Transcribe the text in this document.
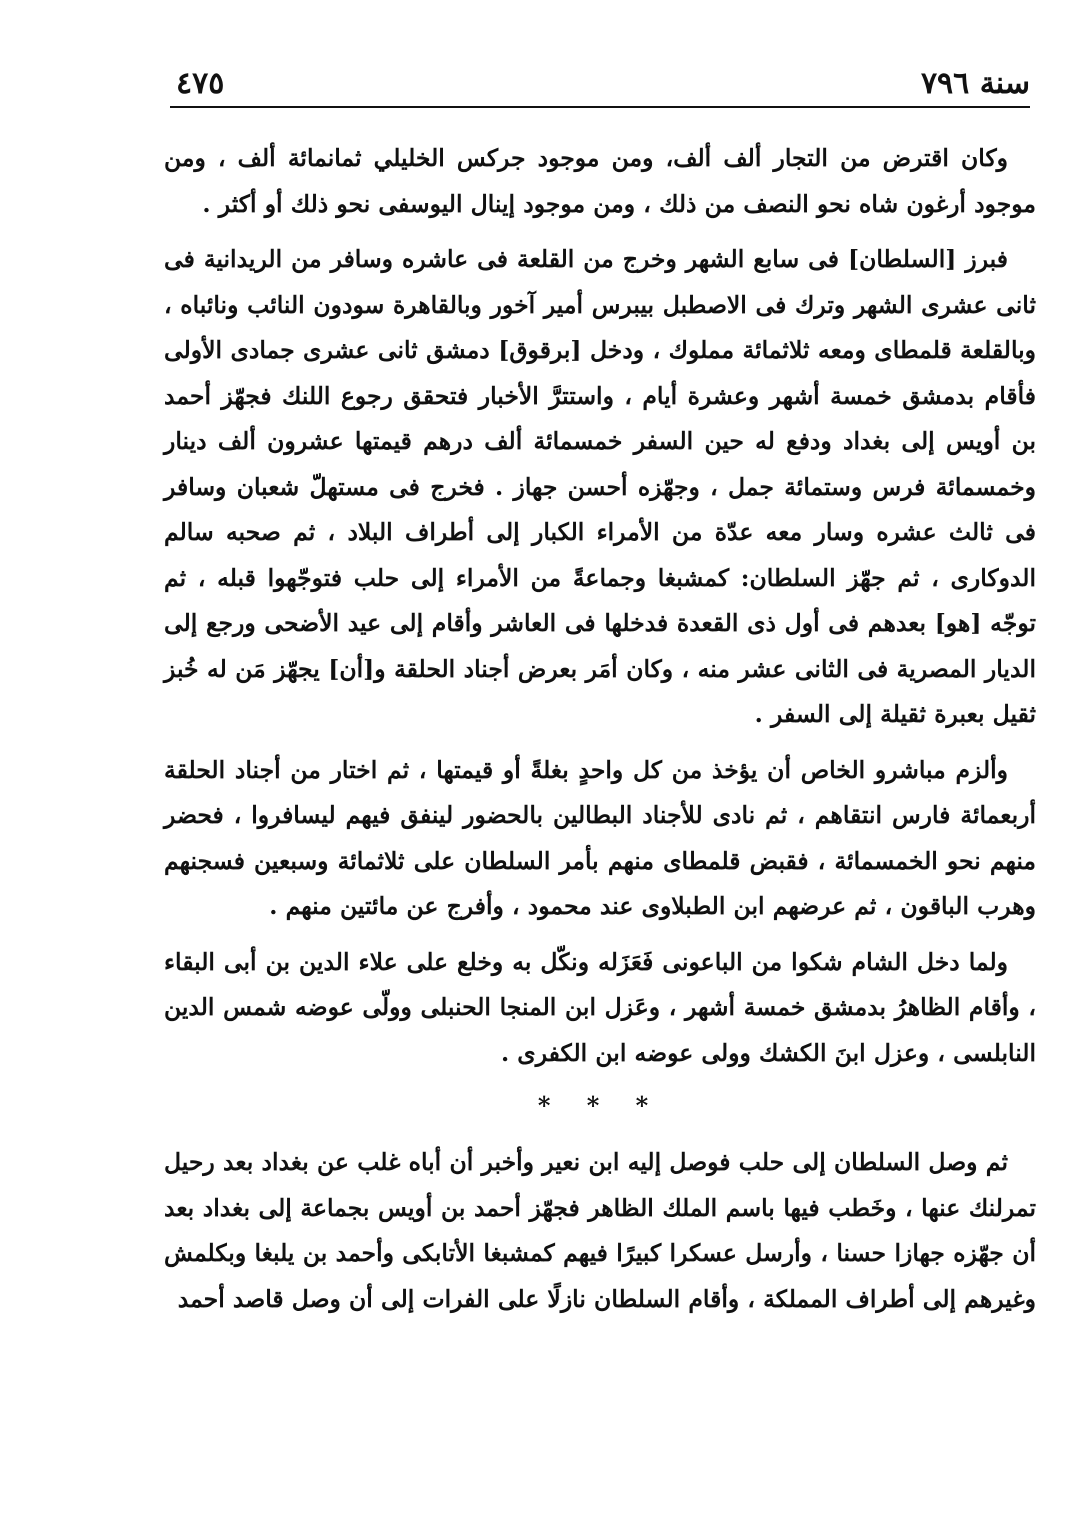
سنة ٧٩٦
٤٧٥

وكان اقترض من التجار ألف ألف، ومن موجود جركس الخليلي ثمانمائة ألف ، ومن موجود أرغون شاه نحو النصف من ذلك ، ومن موجود إينال اليوسفى نحو ذلك أو أكثر .

فبرز [السلطان] فى سابع الشهر وخرج من القلعة فى عاشره وسافر من الريدانية فى ثانى عشرى الشهر وترك فى الاصطبل بيبرس أمير آخور وبالقاهرة سودون النائب ونائباه ، وبالقلعة قلمطاى ومعه ثلاثمائة مملوك ، ودخل [برقوق] دمشق ثانى عشرى جمادى الأولى فأقام بدمشق خمسة أشهر وعشرة أيام ، واستترَّ الأخبار فتحقق رجوع اللنك فجهّز أحمد بن أويس إلى بغداد ودفع له حين السفر خمسمائة ألف درهم قيمتها عشرون ألف دينار وخمسمائة فرس وستمائة جمل ، وجهّزه أحسن جهاز . فخرج فى مستهلّ شعبان وسافر فى ثالث عشره وسار معه عدّة من الأمراء الكبار إلى أطراف البلاد ، ثم صحبه سالم الدوكارى ، ثم جهّز السلطان: كمشبغا وجماعةً من الأمراء إلى حلب فتوجّهوا قبله ، ثم توجّه [هو] بعدهم فى أول ذى القعدة فدخلها فى العاشر وأقام إلى عيد الأضحى ورجع إلى الديار المصرية فى الثانى عشر منه ، وكان أمَر بعرض أجناد الحلقة و[أن] يجهّز مَن له خُبز ثقيل بعبرة ثقيلة إلى السفر .

وألزم مباشرو الخاص أن يؤخذ من كل واحدٍ بغلةً أو قيمتها ، ثم اختار من أجناد الحلقة أربعمائة فارس انتقاهم ، ثم نادى للأجناد البطالين بالحضور لينفق فيهم ليسافروا ، فحضر منهم نحو الخمسمائة ، فقبض قلمطاى منهم بأمر السلطان على ثلاثمائة وسبعين فسجنهم وهرب الباقون ، ثم عرضهم ابن الطبلاوى عند محمود ، وأفرج عن مائتين منهم .

ولما دخل الشام شكوا من الباعونى فَعَزَله ونكّل به وخلع على علاء الدين بن أبى البقاء ، وأقام الظاهرُ بدمشق خمسة أشهر ، وعَزل ابن المنجا الحنبلى وولّى عوضه شمس الدين النابلسى ، وعزل ابنَ الكشك وولى عوضه ابن الكفرى .

* * *

ثم وصل السلطان إلى حلب فوصل إليه ابن نعير وأخبر أن أباه غلب عن بغداد بعد رحيل تمرلنك عنها ، وخَطب فيها باسم الملك الظاهر فجهّز أحمد بن أويس بجماعة إلى بغداد بعد أن جهّزه جهازا حسنا ، وأرسل عسكرا كبيرًا فيهم كمشبغا الأتابكى وأحمد بن يلبغا وبكلمش وغيرهم إلى أطراف المملكة ، وأقام السلطان نازلًا على الفرات إلى أن وصل قاصد أحمد
